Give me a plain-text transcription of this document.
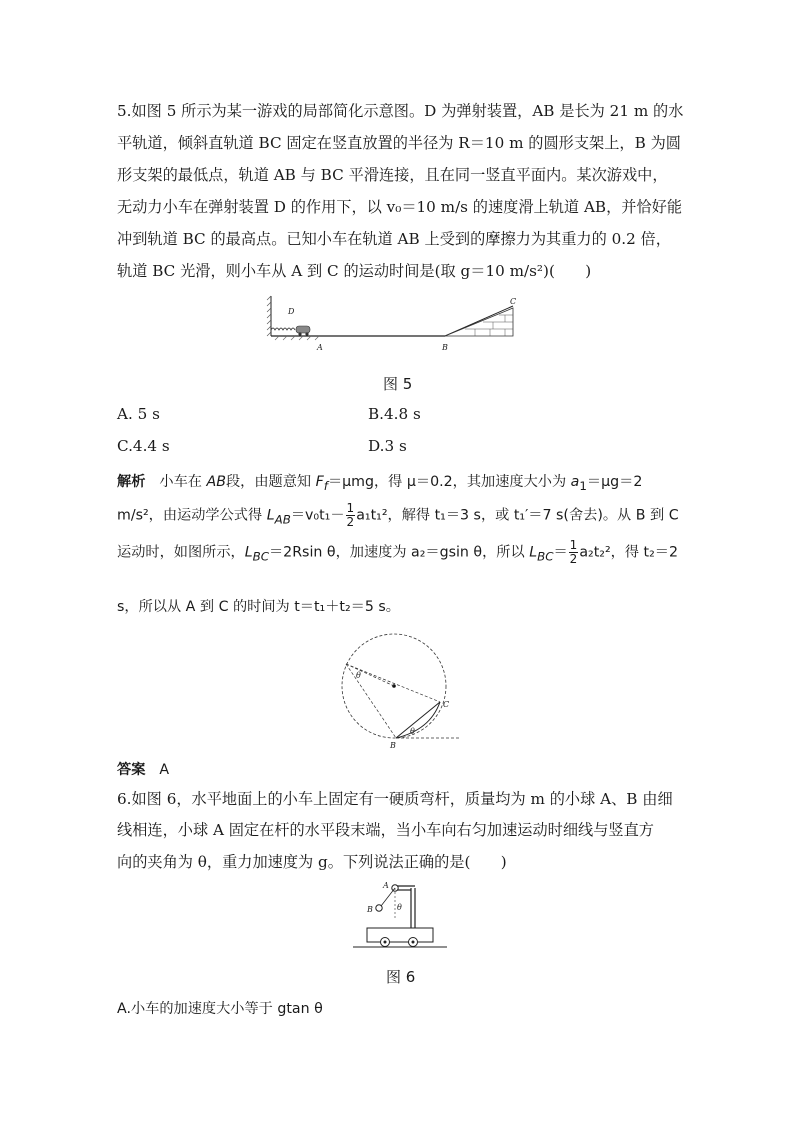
5.如图 5 所示为某一游戏的局部简化示意图。D 为弹射装置，AB 是长为 21 m 的水
平轨道，倾斜直轨道 BC 固定在竖直放置的半径为 R＝10 m 的圆形支架上，B 为圆
形支架的最低点，轨道 AB 与 BC 平滑连接，且在同一竖直平面内。某次游戏中，
无动力小车在弹射装置 D 的作用下，以 v₀＝10 m/s 的速度滑上轨道 AB，并恰好能
冲到轨道 BC 的最高点。已知小车在轨道 AB 上受到的摩擦力为其重力的 0.2 倍，
轨道 BC 光滑，则小车从 A 到 C 的运动时间是(取 g＝10 m/s²)(　　)
D
A	B
C
图 5
A. 5 s	B.4.8 s
C.4.4 s	D.3 s
解析 小车在 AB段，由题意知 $F_f=\mu mg$，得 μ＝0.2，其加速度大小为 $a_1=\mu g=2$
m/s²，由运动学公式得 $L_{AB}=v_0t_1- \frac{1}{2} a_1t_1^2$，解得 t₁＝3 s，或 t₁′＝7 s(舍去)。从 B 到 C
运动时，如图所示，$L_{BC}=2Rsin$ θ，加速度为 a₂＝gsin θ，所以 $L_{BC}= \frac{1}{2} a_2t_2^2$，得 t₂＝2
s，所以从 A 到 C 的时间为 t＝t₁＋t₂＝5 s。
θ
θ
C
B
答案 A
6.如图 6，水平地面上的小车上固定有一硬质弯杆，质量均为 m 的小球 A、B 由细
线相连，小球 A 固定在杆的水平段末端，当小车向右匀加速运动时细线与竖直方
向的夹角为 θ，重力加速度为 g。下列说法正确的是(　　)
A
B	θ
图 6
A.小车的加速度大小等于 gtan θ
